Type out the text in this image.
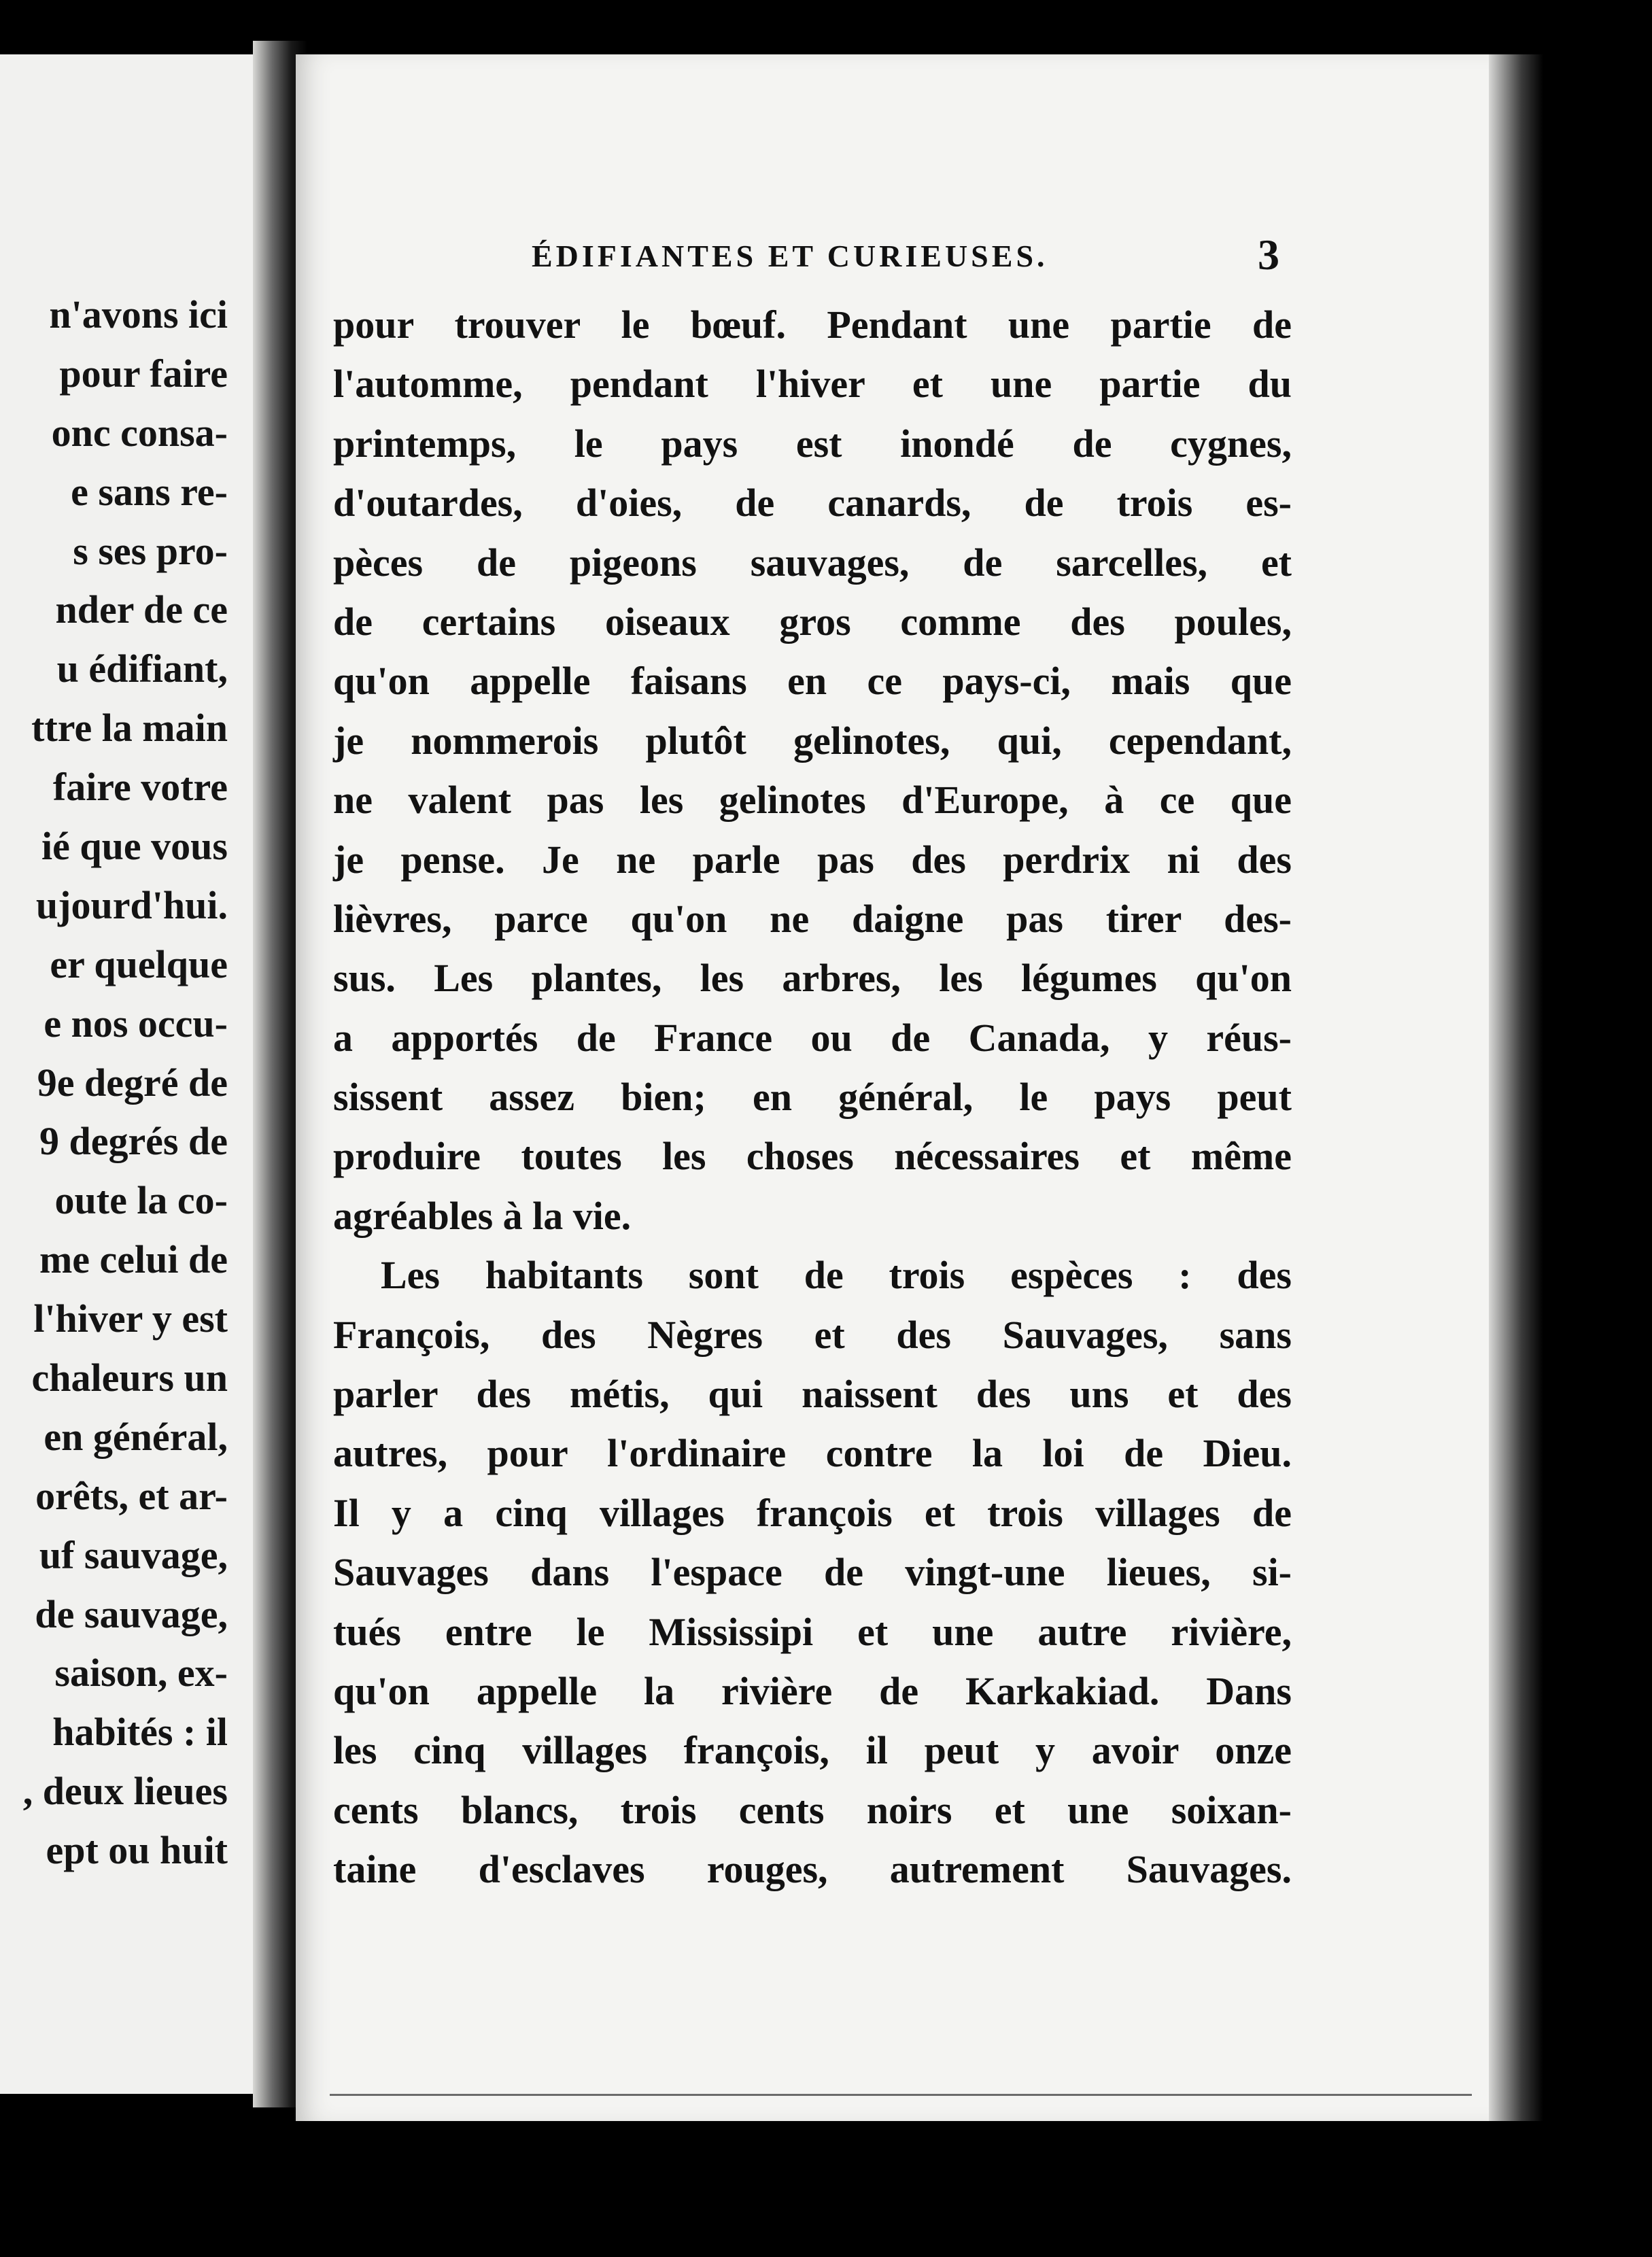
n'avons ici
pour faire
onc consa-
e sans re-
s ses pro-
nder de ce
u édifiant,
ttre la main
faire votre
ié que vous
ujourd'hui.
er quelque
e nos occu-
9e degré de
9 degrés de
oute la co-
me celui de
l'hiver y est
chaleurs un
en général,
orêts, et ar-
uf sauvage,
de sauvage,
saison, ex-
habités : il
, deux lieues
ept ou huit
ÉDIFIANTES ET CURIEUSES.	3
pour trouver le bœuf. Pendant une partie de
l'automme, pendant l'hiver et une partie du
printemps, le pays est inondé de cygnes,
d'outardes, d'oies, de canards, de trois es-
pèces de pigeons sauvages, de sarcelles, et
de certains oiseaux gros comme des poules,
qu'on appelle faisans en ce pays-ci, mais que
je nommerois plutôt gelinotes, qui, cependant,
ne valent pas les gelinotes d'Europe, à ce que
je pense. Je ne parle pas des perdrix ni des
lièvres, parce qu'on ne daigne pas tirer des-
sus. Les plantes, les arbres, les légumes qu'on
a apportés de France ou de Canada, y réus-
sissent assez bien; en général, le pays peut
produire toutes les choses nécessaires et même
agréables à la vie.
Les habitants sont de trois espèces : des
François, des Nègres et des Sauvages, sans
parler des métis, qui naissent des uns et des
autres, pour l'ordinaire contre la loi de Dieu.
Il y a cinq villages françois et trois villages de
Sauvages dans l'espace de vingt-une lieues, si-
tués entre le Mississipi et une autre rivière,
qu'on appelle la rivière de Karkakiad. Dans
les cinq villages françois, il peut y avoir onze
cents blancs, trois cents noirs et une soixan-
taine d'esclaves rouges, autrement Sauvages.
